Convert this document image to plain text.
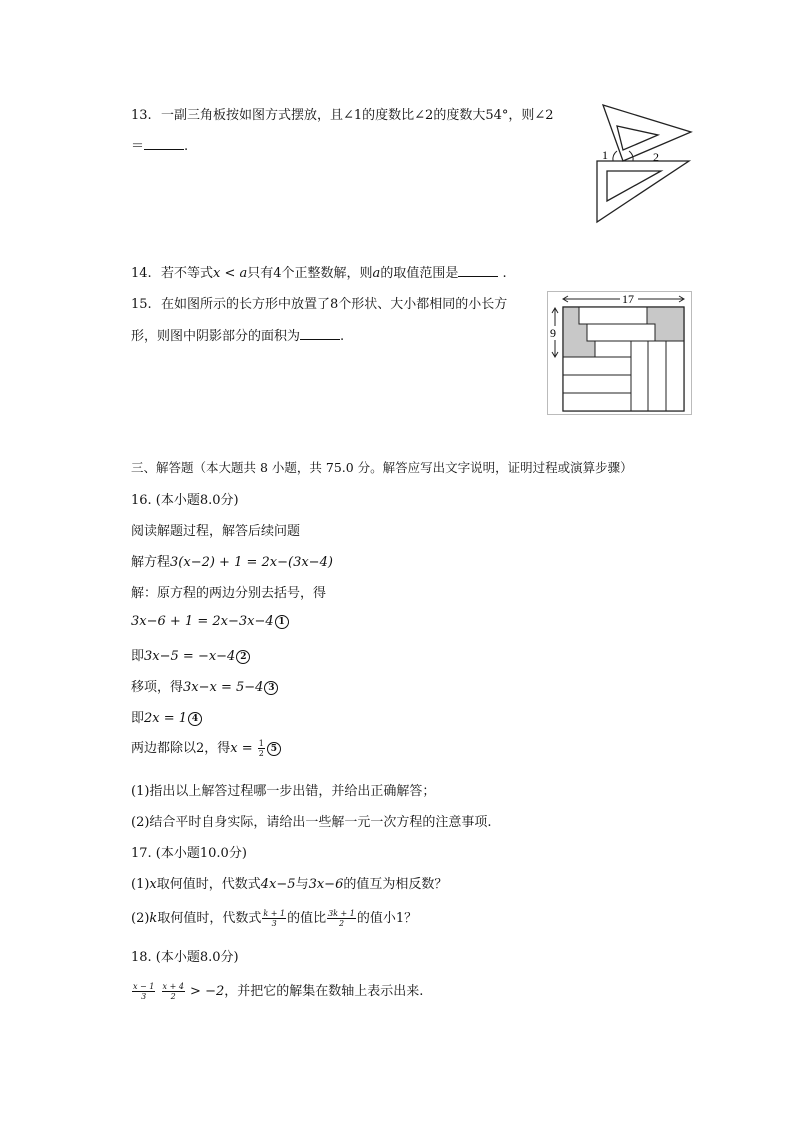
13. 一副三角板按如图方式摆放，且∠1的度数比∠2的度数大54°，则∠2
＝	.
1	2
14. 若不等式x < a只有4个正整数解，则a的取值范围是	.
15. 在如图所示的长方形中放置了8个形状、大小都相同的小长方
形，则图中阴影部分的面积为	.
17
9
三、解答题（本大题共 8 小题，共 75.0 分。解答应写出文字说明，证明过程或演算步骤）
16. (本小题8.0分)
阅读解题过程，解答后续问题
解方程3(x−2) + 1 = 2x−(3x−4)
解：原方程的两边分别去括号，得
3x−6 + 1 = 2x−3x−4 1
即3x−5 = −x−4 2
移项，得3x−x = 5−4 3
即2x = 1 4
两边都除以2，得$x = \frac{1}{2} 5$
(1)指出以上解答过程哪一步出错，并给出正确解答；
(2)结合平时自身实际，请给出一些解一元一次方程的注意事项.
17. (本小题10.0分)
(1)x取何值时，代数式4x−5与3x−6的值互为相反数？
(2)k取何值时，代数式 $\frac{k + 1}{3}$ 的值比 $\frac{3k + 1}{2}$ 的值小1？
18. (本小题8.0分)
$\frac{x - 1}{3}$
$\frac{x + 4}{2} > -2$，并把它的解集在数轴上表示出来.
